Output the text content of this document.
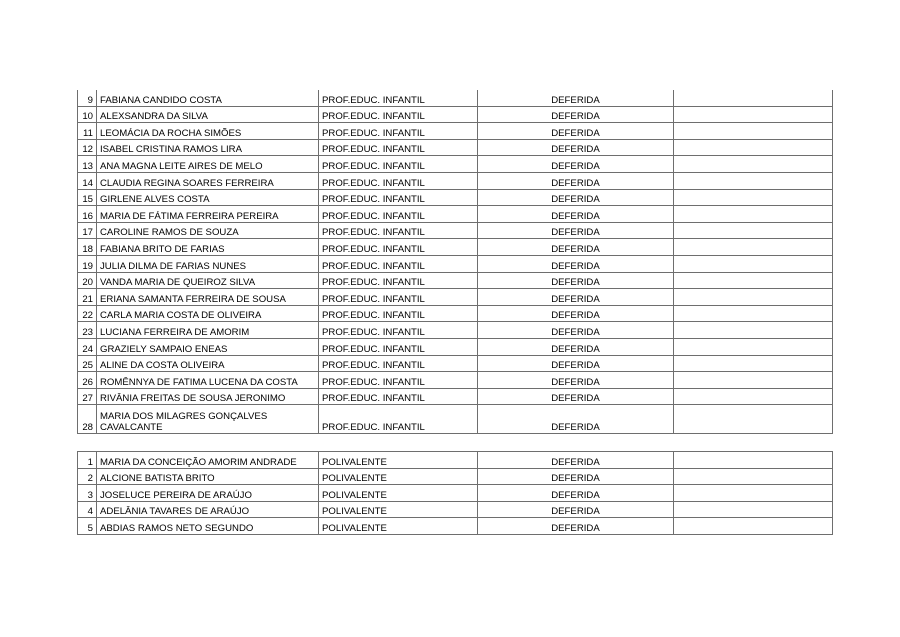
9	FABIANA CANDIDO COSTA	PROF.EDUC. INFANTIL	DEFERIDA	
10	ALEXSANDRA DA SILVA	PROF.EDUC. INFANTIL	DEFERIDA	
11	LEOMÁCIA DA ROCHA SIMÕES	PROF.EDUC. INFANTIL	DEFERIDA	
12	ISABEL CRISTINA RAMOS LIRA	PROF.EDUC. INFANTIL	DEFERIDA	
13	ANA MAGNA LEITE AIRES DE MELO	PROF.EDUC. INFANTIL	DEFERIDA	
14	CLAUDIA REGINA SOARES FERREIRA	PROF.EDUC. INFANTIL	DEFERIDA	
15	GIRLENE ALVES COSTA	PROF.EDUC. INFANTIL	DEFERIDA	
16	MARIA DE FÁTIMA FERREIRA PEREIRA	PROF.EDUC. INFANTIL	DEFERIDA	
17	CAROLINE RAMOS DE SOUZA	PROF.EDUC. INFANTIL	DEFERIDA	
18	FABIANA BRITO DE FARIAS	PROF.EDUC. INFANTIL	DEFERIDA	
19	JULIA DILMA DE FARIAS NUNES	PROF.EDUC. INFANTIL	DEFERIDA	
20	VANDA MARIA DE QUEIROZ SILVA	PROF.EDUC. INFANTIL	DEFERIDA	
21	ERIANA SAMANTA FERREIRA DE SOUSA	PROF.EDUC. INFANTIL	DEFERIDA	
22	CARLA MARIA COSTA DE OLIVEIRA	PROF.EDUC. INFANTIL	DEFERIDA	
23	LUCIANA FERREIRA DE AMORIM	PROF.EDUC. INFANTIL	DEFERIDA	
24	GRAZIELY SAMPAIO ENEAS	PROF.EDUC. INFANTIL	DEFERIDA	
25	ALINE DA COSTA OLIVEIRA	PROF.EDUC. INFANTIL	DEFERIDA	
26	ROMÊNNYA DE FATIMA LUCENA DA COSTA	PROF.EDUC. INFANTIL	DEFERIDA	
27	RIVÂNIA FREITAS DE SOUSA JERONIMO	PROF.EDUC. INFANTIL	DEFERIDA	
28	MARIA DOS MILAGRES GONÇALVES CAVALCANTE	PROF.EDUC. INFANTIL	DEFERIDA	
1	MARIA DA CONCEIÇÃO AMORIM ANDRADE	POLIVALENTE	DEFERIDA	
2	ALCIONE BATISTA BRITO	POLIVALENTE	DEFERIDA	
3	JOSELUCE PEREIRA DE ARAÚJO	POLIVALENTE	DEFERIDA	
4	ADELÂNIA TAVARES DE ARAÚJO	POLIVALENTE	DEFERIDA	
5	ABDIAS RAMOS NETO SEGUNDO	POLIVALENTE	DEFERIDA	
